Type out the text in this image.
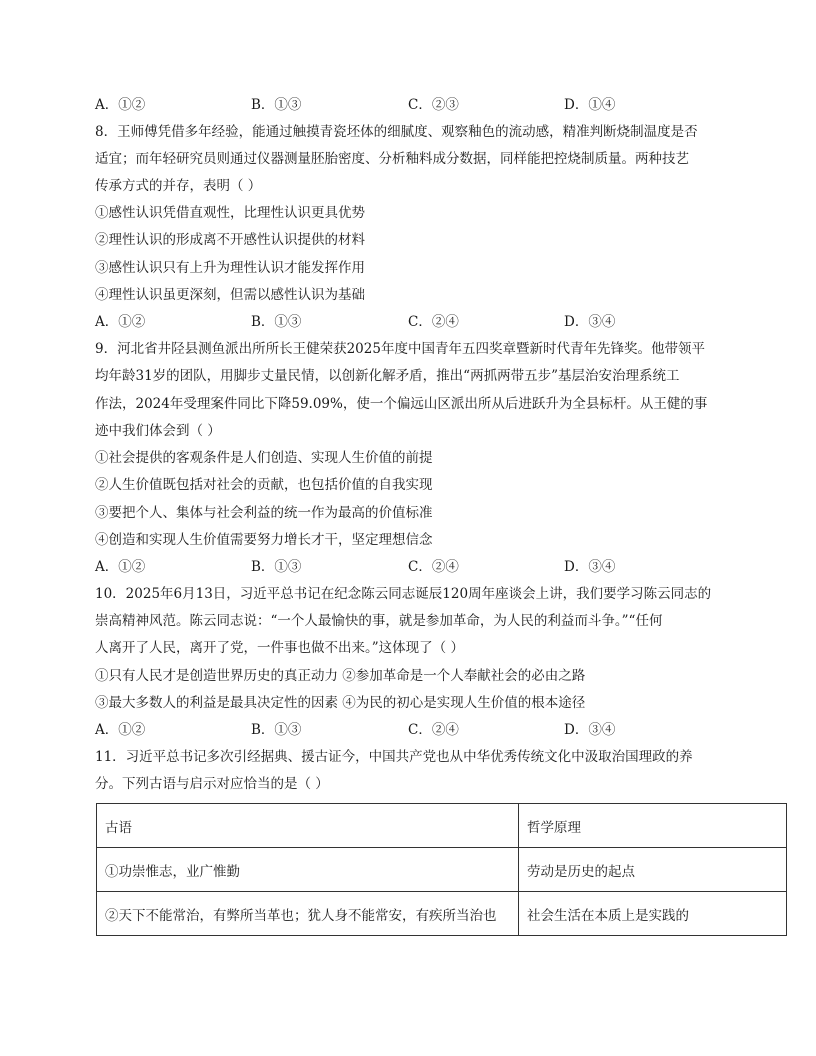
A．①②	B．①③	C．②③	D．①④
8．王师傅凭借多年经验，能通过触摸青瓷坯体的细腻度、观察釉色的流动感，精准判断烧制温度是否
适宜；而年轻研究员则通过仪器测量胚胎密度、分析釉料成分数据，同样能把控烧制质量。两种技艺
传承方式的并存，表明（ ）
①感性认识凭借直观性，比理性认识更具优势
②理性认识的形成离不开感性认识提供的材料
③感性认识只有上升为理性认识才能发挥作用
④理性认识虽更深刻，但需以感性认识为基础
A．①②	B．①③	C．②④	D．③④
9．河北省井陉县测鱼派出所所长王健荣获2025年度中国青年五四奖章暨新时代青年先锋奖。他带领平
均年龄31岁的团队，用脚步丈量民情，以创新化解矛盾，推出“两抓两带五步”基层治安治理系统工
作法，2024年受理案件同比下降59.09%，使一个偏远山区派出所从后进跃升为全县标杆。从王健的事
迹中我们体会到（ ）
①社会提供的客观条件是人们创造、实现人生价值的前提
②人生价值既包括对社会的贡献，也包括价值的自我实现
③要把个人、集体与社会利益的统一作为最高的价值标准
④创造和实现人生价值需要努力增长才干，坚定理想信念
A．①②	B．①③	C．②④	D．③④
10．2025年6月13日，习近平总书记在纪念陈云同志诞辰120周年座谈会上讲，我们要学习陈云同志的
崇高精神风范。陈云同志说：“一个人最愉快的事，就是参加革命，为人民的利益而斗争。”“任何
人离开了人民，离开了党，一件事也做不出来。”这体现了（ ）
①只有人民才是创造世界历史的真正动力 ②参加革命是一个人奉献社会的必由之路
③最大多数人的利益是最具决定性的因素 ④为民的初心是实现人生价值的根本途径
A．①②	B．①③	C．②④	D．③④
11．习近平总书记多次引经据典、援古证今，中国共产党也从中华优秀传统文化中汲取治国理政的养
分。下列古语与启示对应恰当的是（ ）
古语	哲学原理
①功崇惟志，业广惟勤	劳动是历史的起点
②天下不能常治，有弊所当革也；犹人身不能常安，有疾所当治也	社会生活在本质上是实践的
